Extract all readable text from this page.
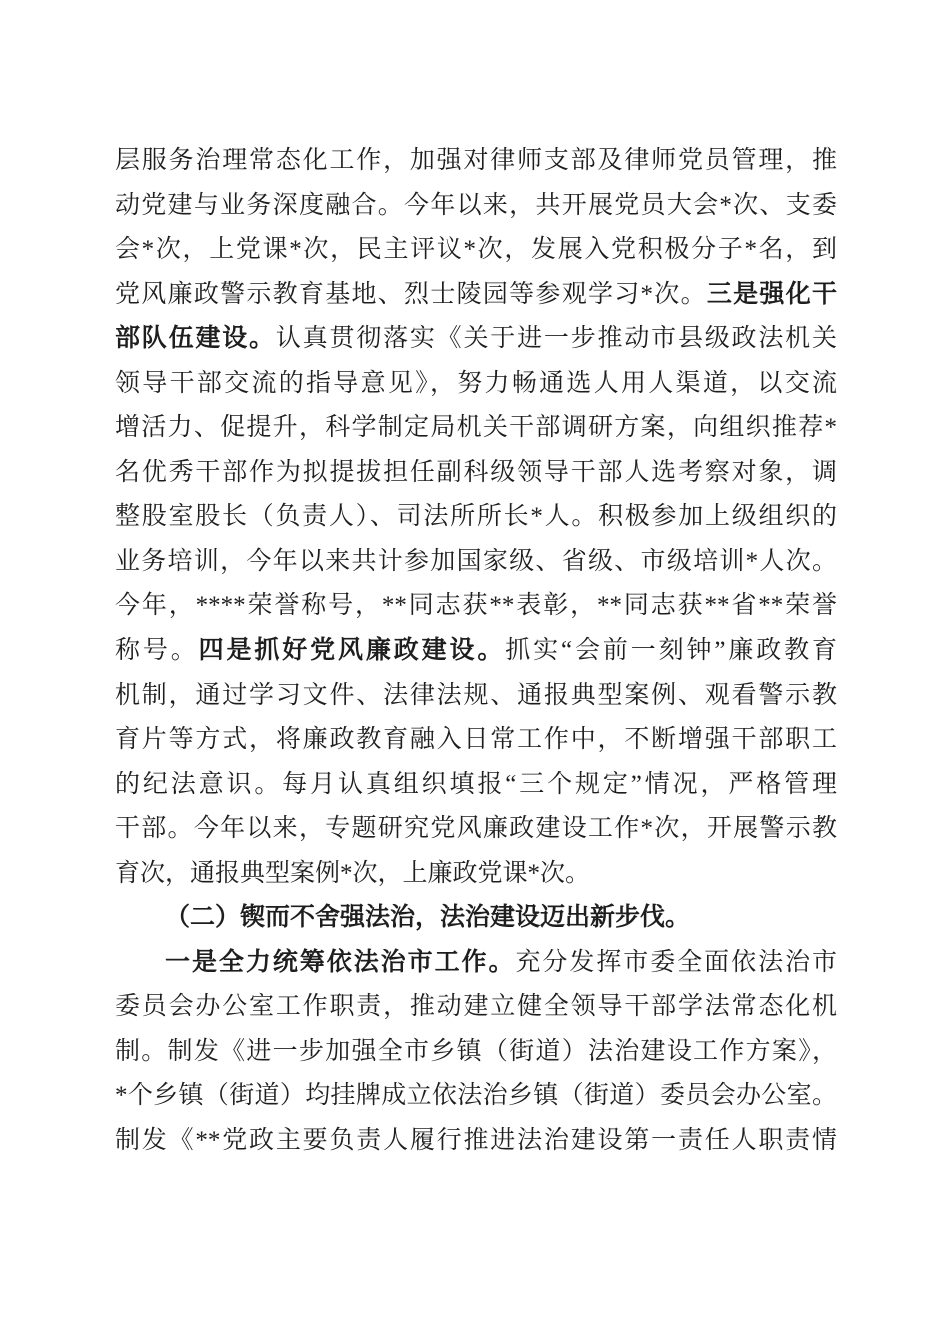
层服务治理常态化工作，加强对律师支部及律师党员管理，推
动党建与业务深度融合。今年以来，共开展党员大会*次、支委
会*次，上党课*次，民主评议*次，发展入党积极分子*名，到
党风廉政警示教育基地、烈士陵园等参观学习*次。三是强化干
部队伍建设。认真贯彻落实《关于进一步推动市县级政法机关
领导干部交流的指导意见》，努力畅通选人用人渠道，以交流
增活力、促提升，科学制定局机关干部调研方案，向组织推荐*
名优秀干部作为拟提拔担任副科级领导干部人选考察对象，调
整股室股长（负责人）、司法所所长*人。积极参加上级组织的
业务培训，今年以来共计参加国家级、省级、市级培训*人次。
今年，****荣誉称号，**同志获**表彰，**同志获**省**荣誉
称号。四是抓好党风廉政建设。抓实“会前一刻钟”廉政教育
机制，通过学习文件、法律法规、通报典型案例、观看警示教
育片等方式，将廉政教育融入日常工作中，不断增强干部职工
的纪法意识。每月认真组织填报“三个规定”情况，严格管理
干部。今年以来，专题研究党风廉政建设工作*次，开展警示教
育次，通报典型案例*次，上廉政党课*次。
（二）锲而不舍强法治，法治建设迈出新步伐。
一是全力统筹依法治市工作。充分发挥市委全面依法治市
委员会办公室工作职责，推动建立健全领导干部学法常态化机
制。制发《进一步加强全市乡镇（街道）法治建设工作方案》，
*个乡镇（街道）均挂牌成立依法治乡镇（街道）委员会办公室。
制发《**党政主要负责人履行推进法治建设第一责任人职责情
